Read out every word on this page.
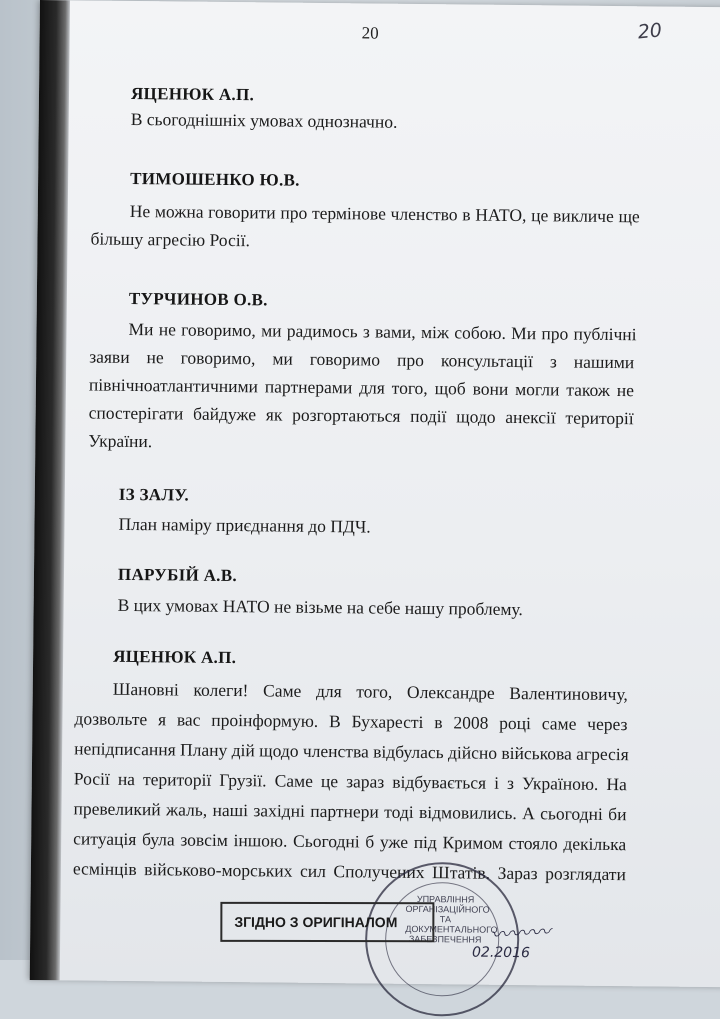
20	20
ЯЦЕНЮК А.П.
В сьогоднішніх умовах однозначно.
ТИМОШЕНКО Ю.В.
Не можна говорити про термінове членство в НАТО, це викличе ще
більшу агресію Росії.
ТУРЧИНОВ О.В.
Ми не говоримо, ми радимось з вами, між собою. Ми про публічні
заяви не говоримо, ми говоримо про консультації з нашими
північноатлантичними партнерами для того, щоб вони могли також не
спостерігати байдуже як розгортаються події щодо анексії території
України.
ІЗ ЗАЛУ.
План наміру приєднання до ПДЧ.
ПАРУБІЙ А.В.
В цих умовах НАТО не візьме на себе нашу проблему.
ЯЦЕНЮК А.П.
Шановні колеги! Саме для того, Олександре Валентиновичу,
дозвольте я вас проінформую. В Бухаресті в 2008 році саме через
непідписання Плану дій щодо членства відбулась дійсно військова агресія
Росії на території Грузії. Саме це зараз відбувається і з Україною. На
превеликий жаль, наші західні партнери тоді відмовились. А сьогодні би
ситуація була зовсім іншою. Сьогодні б уже під Кримом стояло декілька
есмінців військово-морських сил Сполучених Штатів. Зараз розглядати
УПРАВЛІННЯ
ОРГАНІЗАЦІЙНОГО ТА
ДОКУМЕНТАЛЬНОГО
ЗАБЕЗПЕЧЕННЯ
ЗГІДНО З ОРИГІНАЛОМ	〰〰〰
02.2016
